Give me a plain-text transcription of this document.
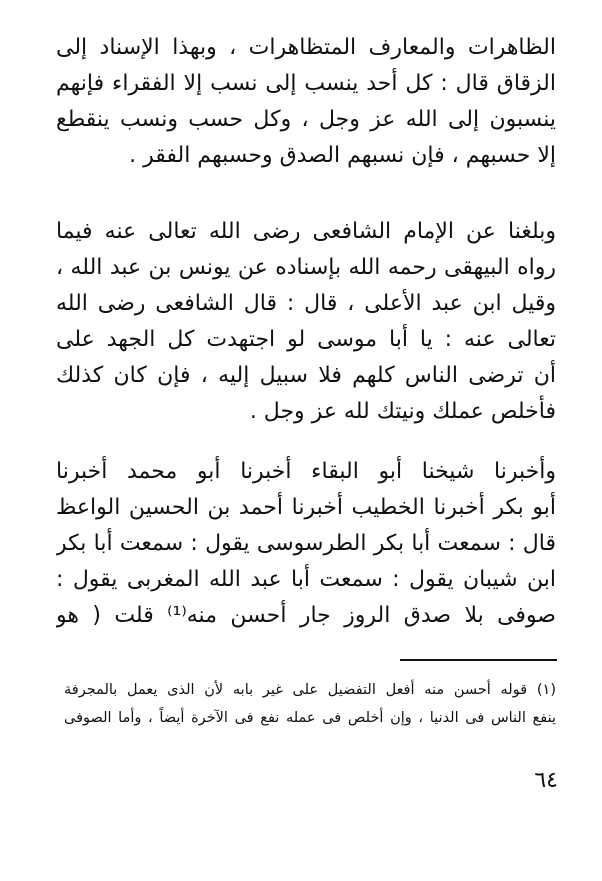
الظاهرات والمعارف المتظاهرات ، وبهذا الإسناد إلى
الزقاق قال : كل أحد ينسب إلى نسب إلا الفقراء فإنهم
ينسبون إلى الله عز وجل ، وكل حسب ونسب ينقطع
إلا حسبهم ، فإن نسبهم الصدق وحسبهم الفقر .
وبلغنا عن الإمام الشافعى رضى الله تعالى عنه فيما
رواه البيهقى رحمه الله بإسناده عن يونس بن عبد الله ،
وقيل ابن عبد الأعلى ، قال : قال الشافعى رضى الله
تعالى عنه : يا أبا موسى لو اجتهدت كل الجهد على
أن ترضى الناس كلهم فلا سبيل إليه ، فإن كان كذلك
فأخلص عملك ونيتك لله عز وجل .
وأخبرنا شيخنا أبو البقاء أخبرنا أبو محمد أخبرنا
أبو بكر أخبرنا الخطيب أخبرنا أحمد بن الحسين الواعظ
قال : سمعت أبا بكر الطرسوسى يقول : سمعت أبا بكر
ابن شيبان يقول : سمعت أبا عبد الله المغربى يقول :
صوفى بلا صدق الروز جار أحسن منه⁽¹⁾ قلت ( هو
(١) قوله أحسن منه أفعل التفضيل على غير بابه لأن الذى يعمل بالمجرفة
ينفع الناس فى الدنيا ، وإن أخلص فى عمله نفع فى الآخرة أيضاً ، وأما الصوفى
٦٤
